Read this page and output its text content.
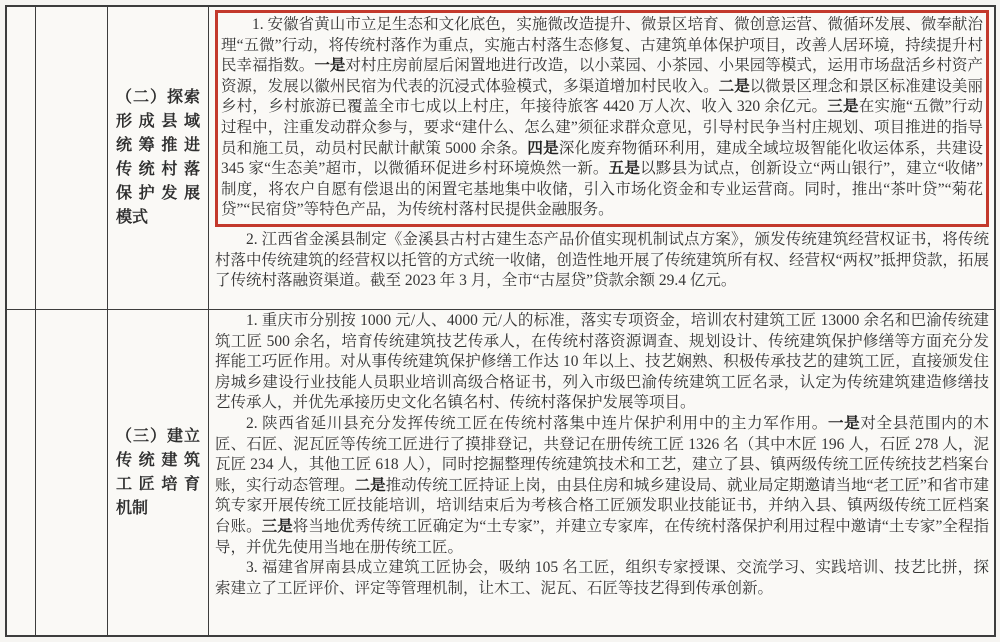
（二）探索
形成县域
统筹推进
传统村落
保护发展
模式

1. 安徽省黄山市立足生态和文化底色，实施微改造提升、微景区培育、微创意运营、微循环发展、微奉献治理“五微”行动，将传统村落作为重点，实施古村落生态修复、古建筑单体保护项目，改善人居环境，持续提升村民幸福指数。一是对村庄房前屋后闲置地进行改造，以小菜园、小茶园、小果园等模式，运用市场盘活乡村资产资源，发展以徽州民宿为代表的沉浸式体验模式，多渠道增加村民收入。二是以微景区理念和景区标准建设美丽乡村，乡村旅游已覆盖全市七成以上村庄，年接待旅客 4420 万人次、收入 320 余亿元。三是在实施“五微”行动过程中，注重发动群众参与，要求“建什么、怎么建”须征求群众意见，引导村民争当村庄规划、项目推进的指导员和施工员，动员村民献计献策 5000 余条。四是深化废弃物循环利用，建成全域垃圾智能化收运体系，共建设 345 家“生态美”超市，以微循环促进乡村环境焕然一新。五是以黟县为试点，创新设立“两山银行”，建立“收储”制度，将农户自愿有偿退出的闲置宅基地集中收储，引入市场化资金和专业运营商。同时，推出“茶叶贷”“菊花贷”“民宿贷”等特色产品，为传统村落村民提供金融服务。

2. 江西省金溪县制定《金溪县古村古建生态产品价值实现机制试点方案》，颁发传统建筑经营权证书，将传统村落中传统建筑的经营权以托管的方式统一收储，创造性地开展了传统建筑所有权、经营权“两权”抵押贷款，拓展了传统村落融资渠道。截至 2023 年 3 月，全市“古屋贷”贷款余额 29.4 亿元。

（三）建立
传统建筑
工匠培育
机制

1. 重庆市分别按 1000 元/人、4000 元/人的标准，落实专项资金，培训农村建筑工匠 13000 余名和巴渝传统建筑工匠 500 余名，培育传统建筑技艺传承人，在传统村落资源调查、规划设计、传统建筑保护修缮等方面充分发挥能工巧匠作用。对从事传统建筑保护修缮工作达 10 年以上、技艺娴熟、积极传承技艺的建筑工匠，直接颁发住房城乡建设行业技能人员职业培训高级合格证书，列入市级巴渝传统建筑工匠名录，认定为传统建筑建造修缮技艺传承人，并优先承接历史文化名镇名村、传统村落保护发展等项目。

2. 陕西省延川县充分发挥传统工匠在传统村落集中连片保护利用中的主力军作用。一是对全县范围内的木匠、石匠、泥瓦匠等传统工匠进行了摸排登记，共登记在册传统工匠 1326 名（其中木匠 196 人，石匠 278 人，泥瓦匠 234 人，其他工匠 618 人），同时挖掘整理传统建筑技术和工艺，建立了县、镇两级传统工匠传统技艺档案台账，实行动态管理。二是推动传统工匠持证上岗，由县住房和城乡建设局、就业局定期邀请当地“老工匠”和省市建筑专家开展传统工匠技能培训，培训结束后为考核合格工匠颁发职业技能证书，并纳入县、镇两级传统工匠档案台账。三是将当地优秀传统工匠确定为“土专家”，并建立专家库，在传统村落保护利用过程中邀请“土专家”全程指导，并优先使用当地在册传统工匠。

3. 福建省屏南县成立建筑工匠协会，吸纳 105 名工匠，组织专家授课、交流学习、实践培训、技艺比拼，探索建立了工匠评价、评定等管理机制，让木工、泥瓦、石匠等技艺得到传承创新。
